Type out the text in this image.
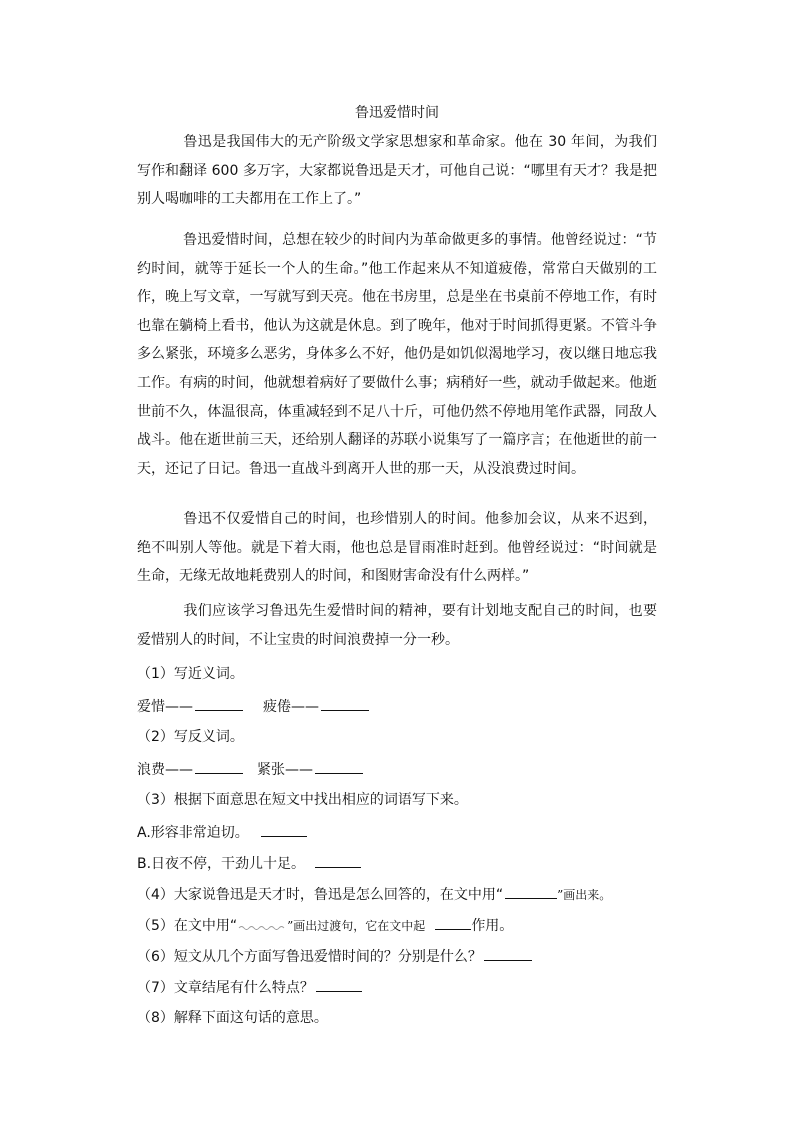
鲁迅爱惜时间
鲁迅是我国伟大的无产阶级文学家思想家和革命家。他在 30 年间，为我们写作和翻译 600 多万字，大家都说鲁迅是天才，可他自己说：“哪里有天才？我是把别人喝咖啡的工夫都用在工作上了。”
鲁迅爱惜时间，总想在较少的时间内为革命做更多的事情。他曾经说过：“节约时间，就等于延长一个人的生命。”他工作起来从不知道疲倦，常常白天做别的工作，晚上写文章，一写就写到天亮。他在书房里，总是坐在书桌前不停地工作，有时也靠在躺椅上看书，他认为这就是休息。到了晚年，他对于时间抓得更紧。不管斗争多么紧张，环境多么恶劣，身体多么不好，他仍是如饥似渴地学习，夜以继日地忘我工作。有病的时间，他就想着病好了要做什么事；病稍好一些，就动手做起来。他逝世前不久，体温很高，体重减轻到不足八十斤，可他仍然不停地用笔作武器，同敌人战斗。他在逝世前三天，还给别人翻译的苏联小说集写了一篇序言；在他逝世的前一天，还记了日记。鲁迅一直战斗到离开人世的那一天，从没浪费过时间。
鲁迅不仅爱惜自己的时间，也珍惜别人的时间。他参加会议，从来不迟到，绝不叫别人等他。就是下着大雨，他也总是冒雨准时赶到。他曾经说过：“时间就是生命，无缘无故地耗费别人的时间，和图财害命没有什么两样。”
我们应该学习鲁迅先生爱惜时间的精神，要有计划地支配自己的时间，也要爱惜别人的时间，不让宝贵的时间浪费掉一分一秒。
（1）写近义词。
爱惜——	疲倦——
（2）写反义词。
浪费——	紧张——
（3）根据下面意思在短文中找出相应的词语写下来。
A.形容非常迫切。
B.日夜不停，干劲儿十足。
（4）大家说鲁迅是天才时，鲁迅是怎么回答的，在文中用“	”画出来。
（5）在文中用“	”画出过渡句，它在文中起	作用。
（6）短文从几个方面写鲁迅爱惜时间的？分别是什么？
（7）文章结尾有什么特点？
（8）解释下面这句话的意思。
